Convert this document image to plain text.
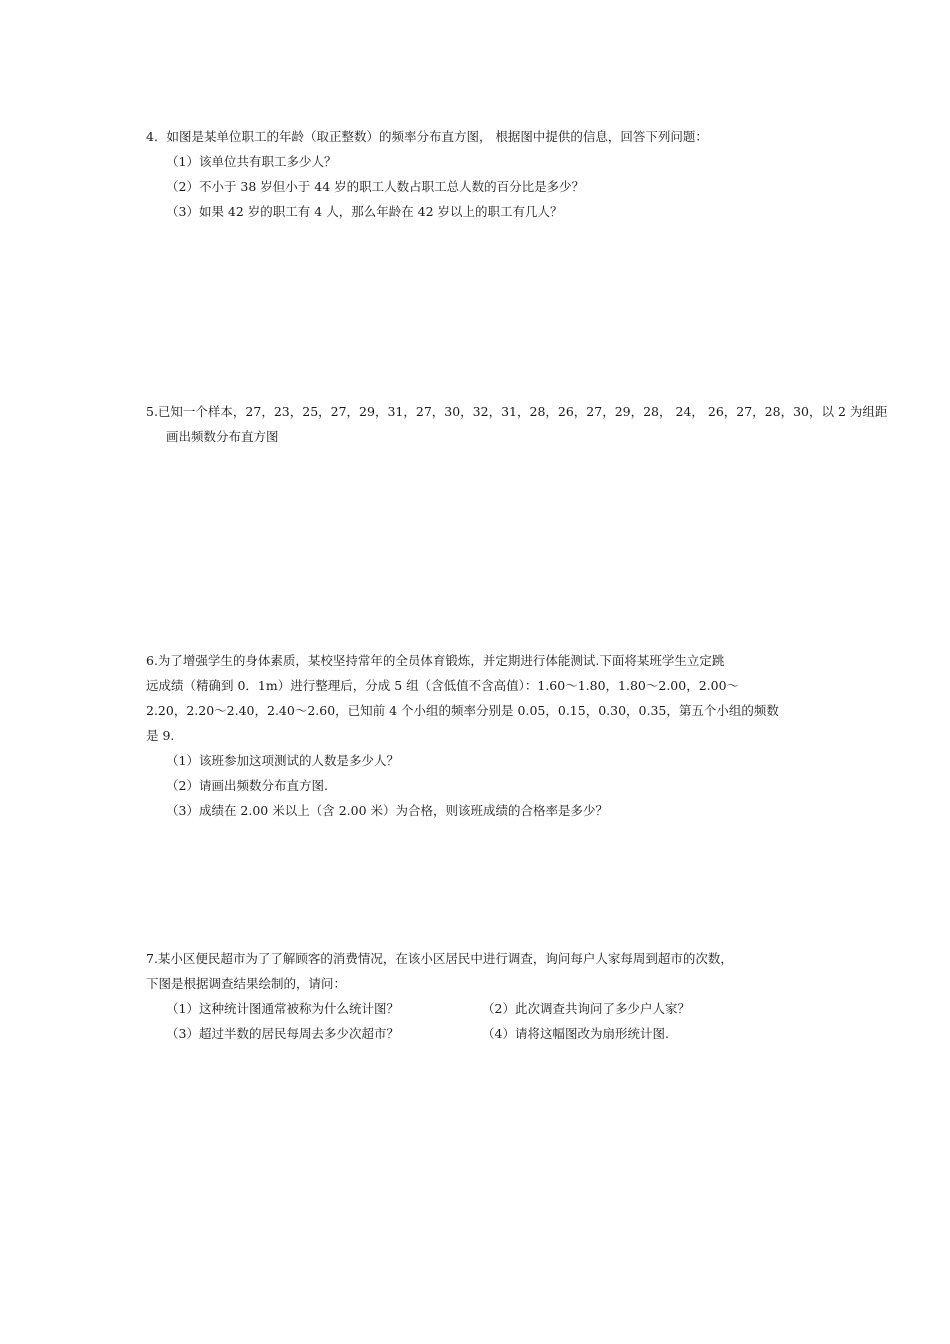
4．如图是某单位职工的年龄（取正整数）的频率分布直方图， 根据图中提供的信息，回答下列问题：
（1）该单位共有职工多少人？
（2）不小于 38 岁但小于 44 岁的职工人数占职工总人数的百分比是多少？
（3）如果 42 岁的职工有 4 人，那么年龄在 42 岁以上的职工有几人？
5.已知一个样本，27，23，25，27，29，31，27，30，32，31，28，26，27，29，28， 24， 26，27，28，30，以 2 为组距
画出频数分布直方图
6.为了增强学生的身体素质，某校坚持常年的全员体育锻炼，并定期进行体能测试.下面将某班学生立定跳
远成绩（精确到 0．1m）进行整理后，分成 5 组（含低值不含高值）：1.60～1.80，1.80～2.00，2.00～
2.20，2.20～2.40，2.40～2.60，已知前 4 个小组的频率分别是 0.05，0.15，0.30，0.35，第五个小组的频数
是 9.
（1）该班参加这项测试的人数是多少人？
（2）请画出频数分布直方图.
（3）成绩在 2.00 米以上（含 2.00 米）为合格，则该班成绩的合格率是多少？
7.某小区便民超市为了了解顾客的消费情况，在该小区居民中进行调查，询问每户人家每周到超市的次数，
下图是根据调查结果绘制的，请问：
（1）这种统计图通常被称为什么统计图？	（2）此次调查共询问了多少户人家？
（3）超过半数的居民每周去多少次超市？	（4）请将这幅图改为扇形统计图.
